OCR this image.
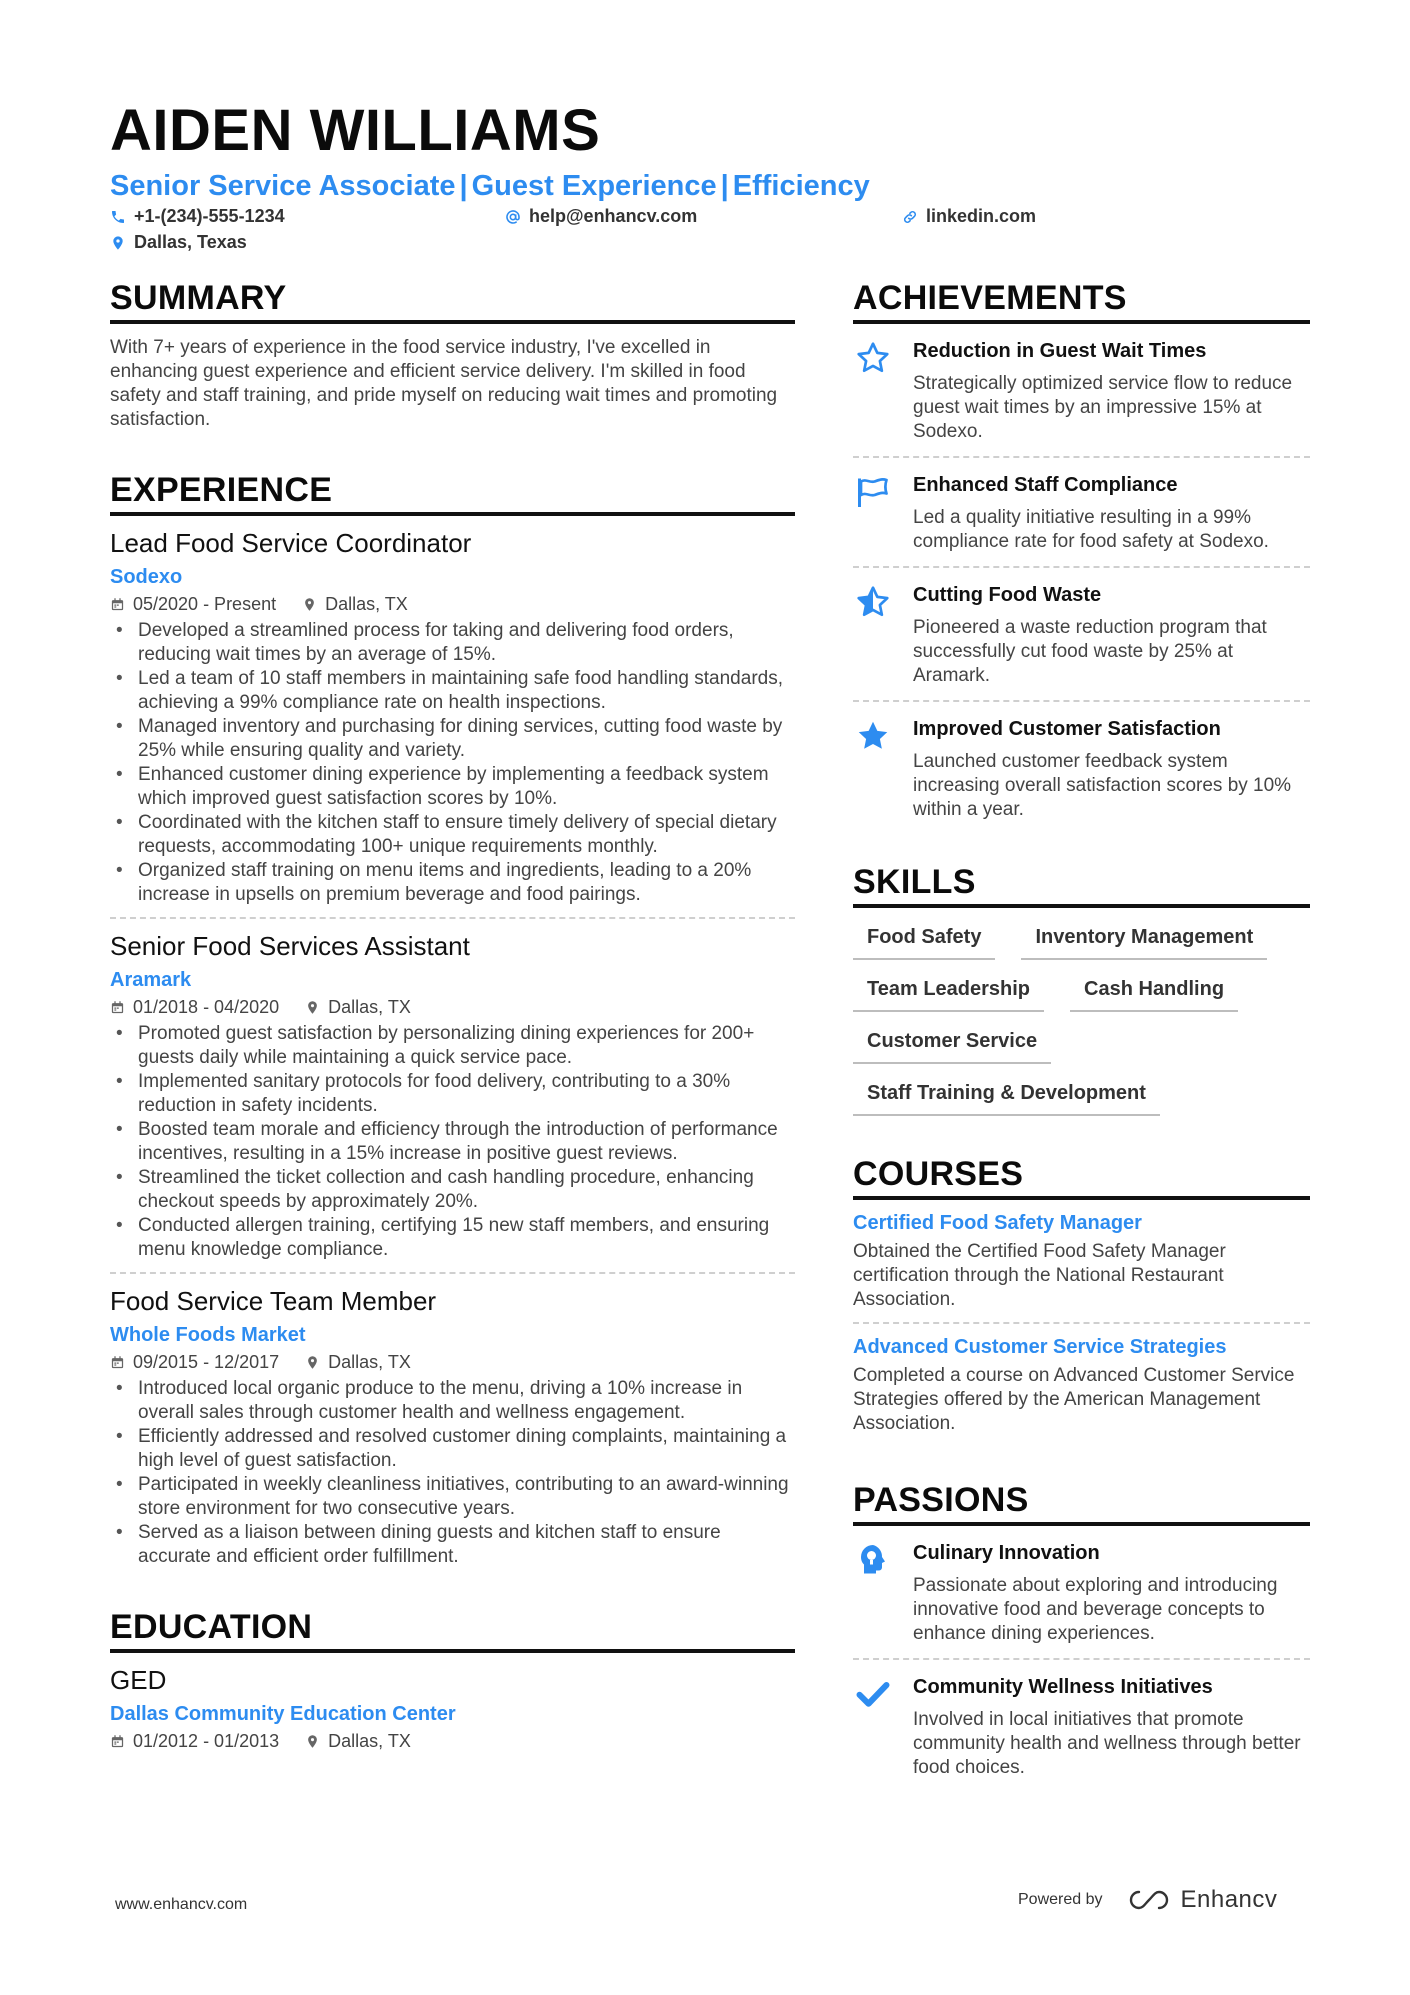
AIDEN WILLIAMS
Senior Service Associate | Guest Experience | Efficiency
+1-(234)-555-1234	help@enhancv.com	linkedin.com
Dallas, Texas
SUMMARY

With 7+ years of experience in the food service industry, I've excelled in enhancing guest experience and efficient service delivery. I'm skilled in food safety and staff training, and pride myself on reducing wait times and promoting satisfaction.

EXPERIENCE
Lead Food Service Coordinator
Sodexo
05/2020 - Present	Dallas, TX
• Developed a streamlined process for taking and delivering food orders, reducing wait times by an average of 15%.
• Led a team of 10 staff members in maintaining safe food handling standards, achieving a 99% compliance rate on health inspections.
• Managed inventory and purchasing for dining services, cutting food waste by 25% while ensuring quality and variety.
• Enhanced customer dining experience by implementing a feedback system which improved guest satisfaction scores by 10%.
• Coordinated with the kitchen staff to ensure timely delivery of special dietary requests, accommodating 100+ unique requirements monthly.
• Organized staff training on menu items and ingredients, leading to a 20% increase in upsells on premium beverage and food pairings.
Senior Food Services Assistant
Aramark
01/2018 - 04/2020	Dallas, TX
• Promoted guest satisfaction by personalizing dining experiences for 200+ guests daily while maintaining a quick service pace.
• Implemented sanitary protocols for food delivery, contributing to a 30% reduction in safety incidents.
• Boosted team morale and efficiency through the introduction of performance incentives, resulting in a 15% increase in positive guest reviews.
• Streamlined the ticket collection and cash handling procedure, enhancing checkout speeds by approximately 20%.
• Conducted allergen training, certifying 15 new staff members, and ensuring menu knowledge compliance.
Food Service Team Member
Whole Foods Market
09/2015 - 12/2017	Dallas, TX
• Introduced local organic produce to the menu, driving a 10% increase in overall sales through customer health and wellness engagement.
• Efficiently addressed and resolved customer dining complaints, maintaining a high level of guest satisfaction.
• Participated in weekly cleanliness initiatives, contributing to an award-winning store environment for two consecutive years.
• Served as a liaison between dining guests and kitchen staff to ensure accurate and efficient order fulfillment.
EDUCATION
GED
Dallas Community Education Center
01/2012 - 01/2013	Dallas, TX
ACHIEVEMENTS
Reduction in Guest Wait Times
Strategically optimized service flow to reduce guest wait times by an impressive 15% at Sodexo.
Enhanced Staff Compliance
Led a quality initiative resulting in a 99% compliance rate for food safety at Sodexo.
Cutting Food Waste
Pioneered a waste reduction program that successfully cut food waste by 25% at Aramark.
Improved Customer Satisfaction
Launched customer feedback system increasing overall satisfaction scores by 10% within a year.
SKILLS
Food Safety	Inventory Management
Team Leadership	Cash Handling
Customer Service
Staff Training & Development
COURSES
Certified Food Safety Manager
Obtained the Certified Food Safety Manager certification through the National Restaurant Association.
Advanced Customer Service Strategies
Completed a course on Advanced Customer Service Strategies offered by the American Management Association.
PASSIONS
Culinary Innovation
Passionate about exploring and introducing innovative food and beverage concepts to enhance dining experiences.
Community Wellness Initiatives
Involved in local initiatives that promote community health and wellness through better food choices.
www.enhancv.com	Powered by	Enhancv
